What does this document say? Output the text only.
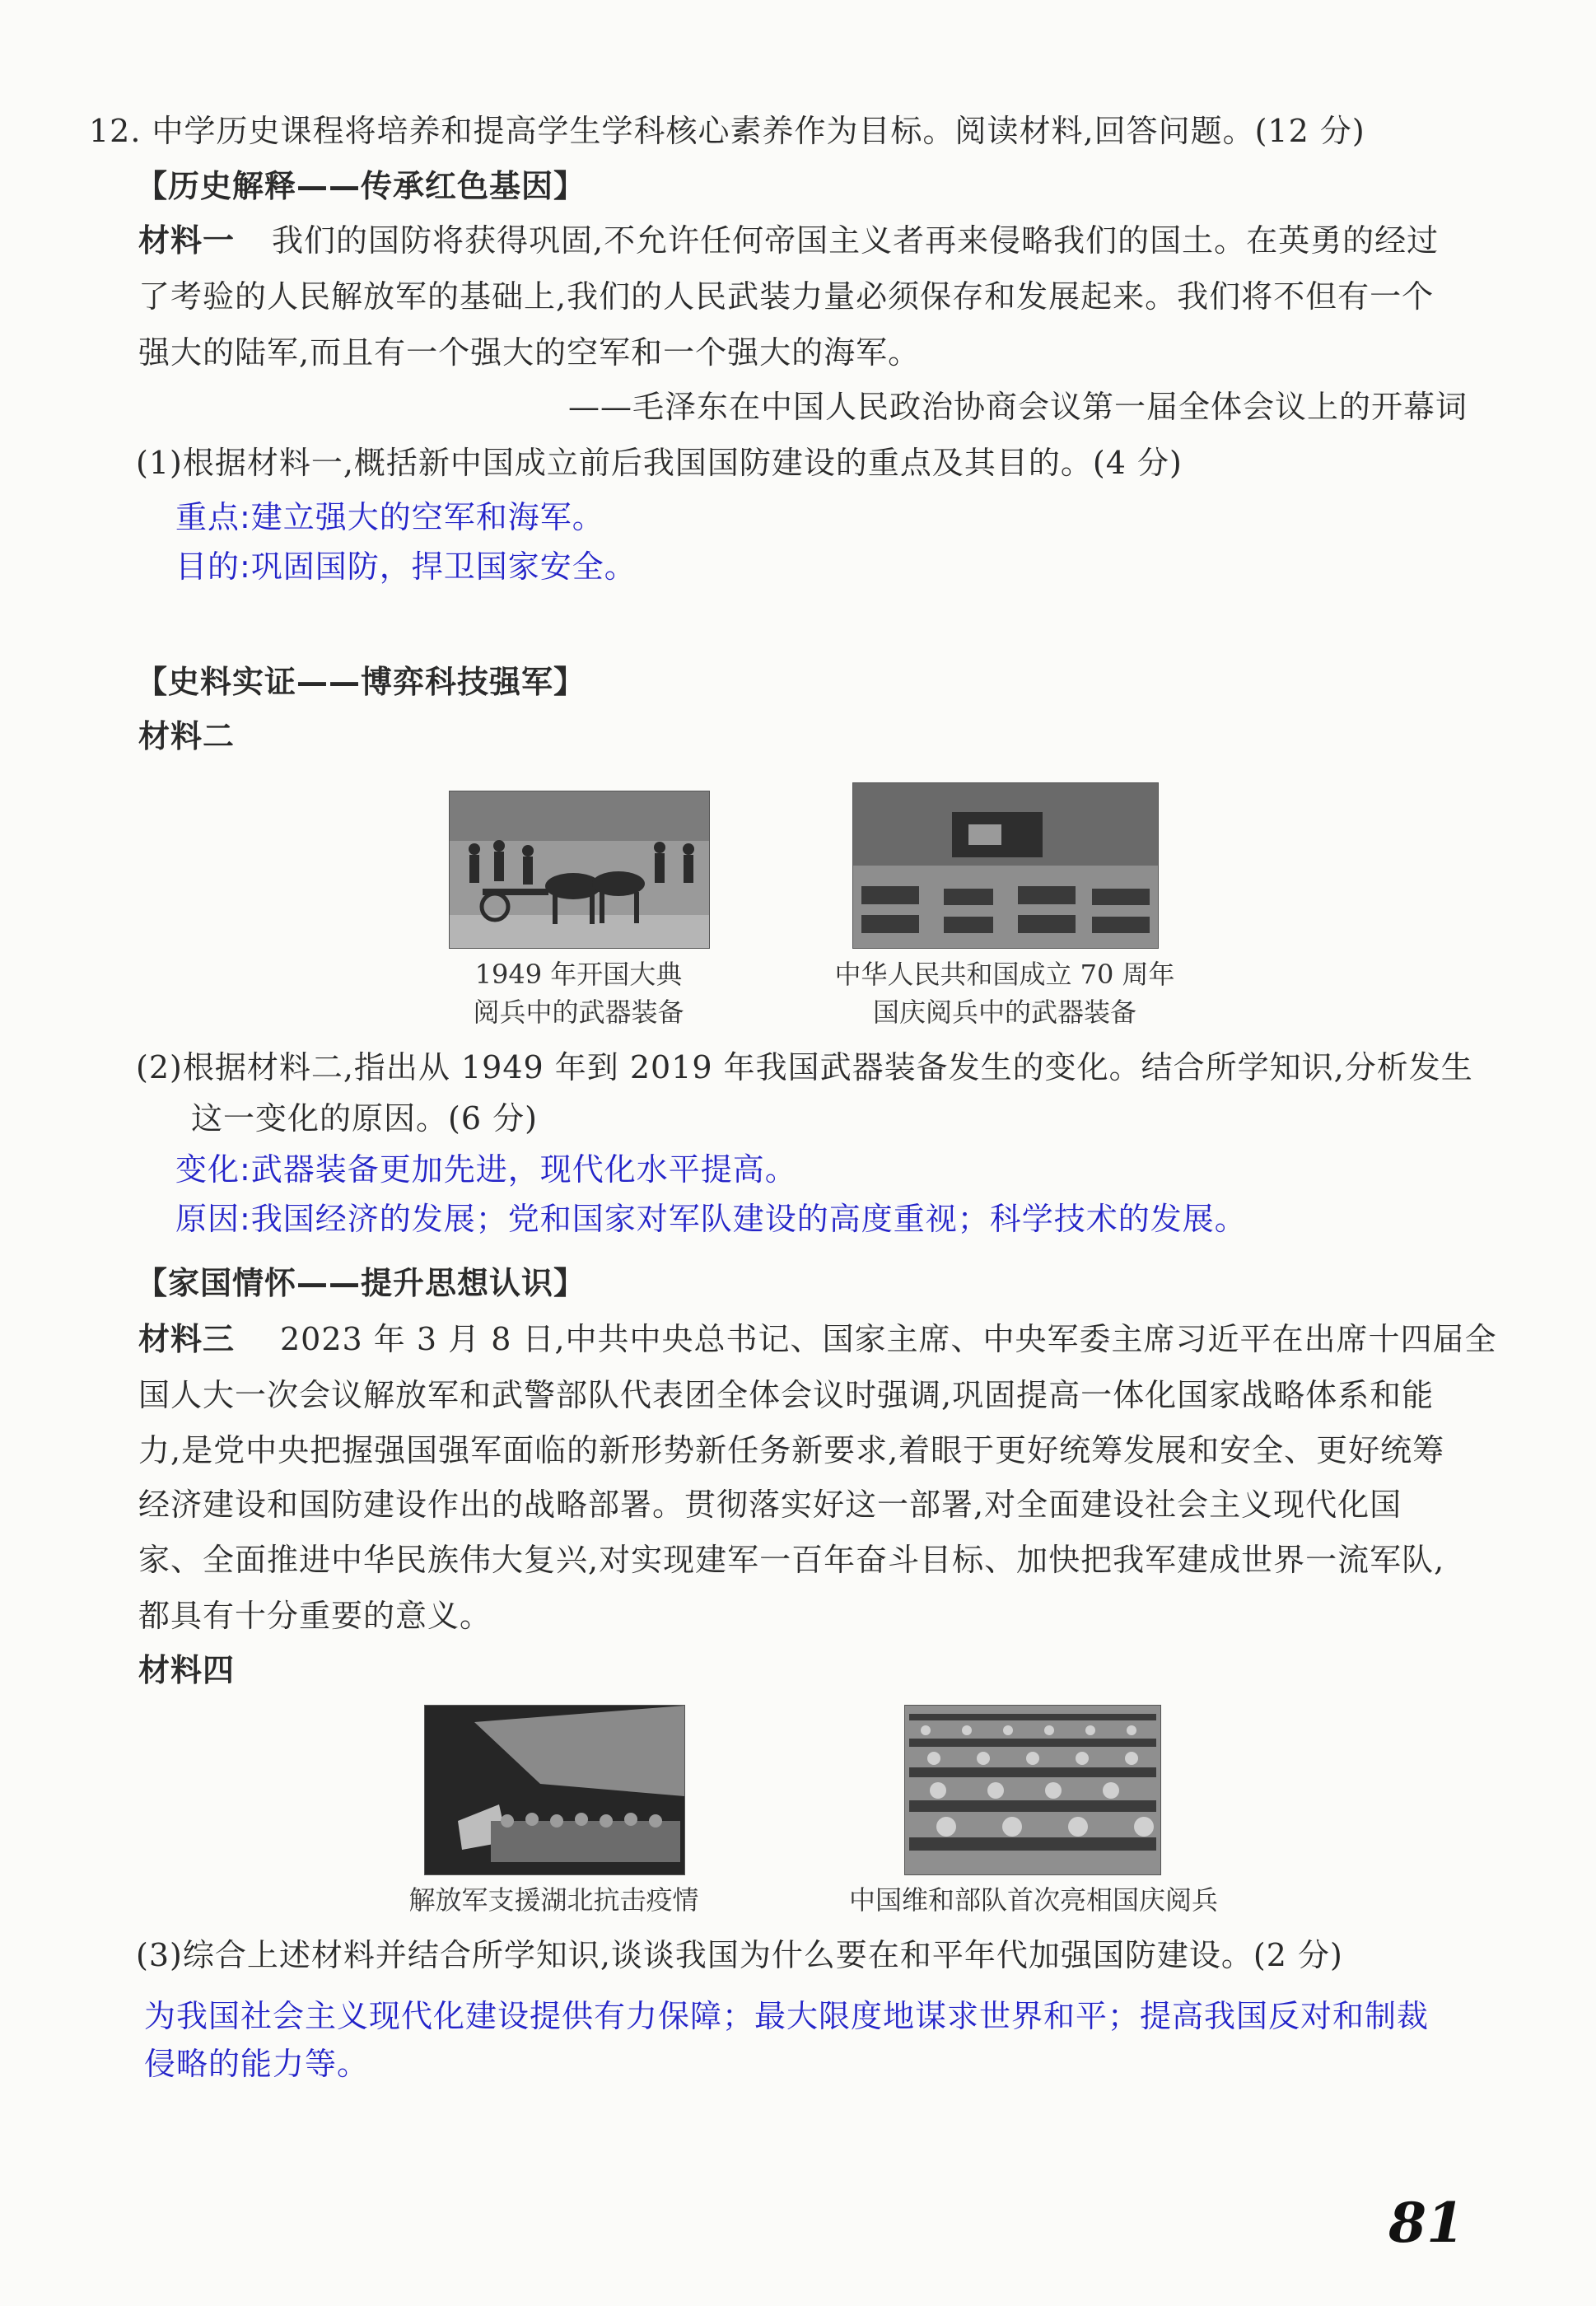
12. 中学历史课程将培养和提高学生学科核心素养作为目标。阅读材料,回答问题。(12 分)
【历史解释——传承红色基因】
材料一 我们的国防将获得巩固,不允许任何帝国主义者再来侵略我们的国土。在英勇的经过
了考验的人民解放军的基础上,我们的人民武装力量必须保存和发展起来。我们将不但有一个
强大的陆军,而且有一个强大的空军和一个强大的海军。
——毛泽东在中国人民政治协商会议第一届全体会议上的开幕词
(1)根据材料一,概括新中国成立前后我国国防建设的重点及其目的。(4 分)
重点:建立强大的空军和海军。
目的:巩固国防，捍卫国家安全。
【史料实证——博弈科技强军】
材料二
1949 年开国大典
阅兵中的武器装备
中华人民共和国成立 70 周年
国庆阅兵中的武器装备
(2)根据材料二,指出从 1949 年到 2019 年我国武器装备发生的变化。结合所学知识,分析发生
这一变化的原因。(6 分)
变化:武器装备更加先进，现代化水平提高。
原因:我国经济的发展；党和国家对军队建设的高度重视；科学技术的发展。
【家国情怀——提升思想认识】
材料三 2023 年 3 月 8 日,中共中央总书记、国家主席、中央军委主席习近平在出席十四届全
国人大一次会议解放军和武警部队代表团全体会议时强调,巩固提高一体化国家战略体系和能
力,是党中央把握强国强军面临的新形势新任务新要求,着眼于更好统筹发展和安全、更好统筹
经济建设和国防建设作出的战略部署。贯彻落实好这一部署,对全面建设社会主义现代化国
家、全面推进中华民族伟大复兴,对实现建军一百年奋斗目标、加快把我军建成世界一流军队,
都具有十分重要的意义。
材料四
解放军支援湖北抗击疫情	中国维和部队首次亮相国庆阅兵
(3)综合上述材料并结合所学知识,谈谈我国为什么要在和平年代加强国防建设。(2 分)
为我国社会主义现代化建设提供有力保障；最大限度地谋求世界和平；提高我国反对和制裁
侵略的能力等。
81
